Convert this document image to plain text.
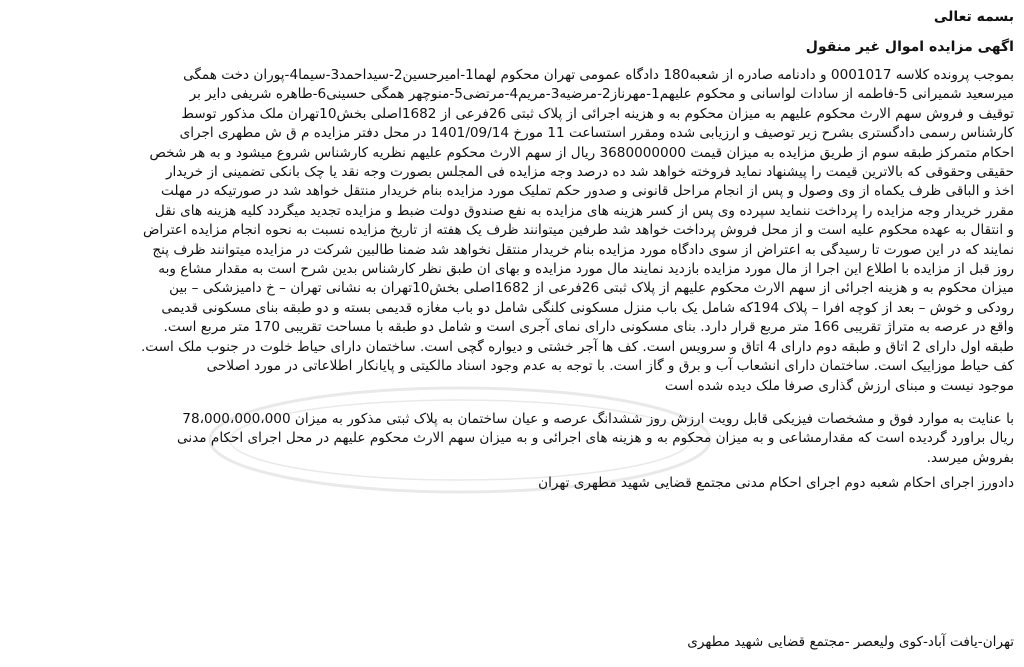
بسمه تعالی
اگهی مزایده اموال غیر منقول
بموجب پرونده کلاسه 0001017 و دادنامه صادره از شعبه180 دادگاه عمومی تهران محکوم لهما1-امیرحسین2-سیداحمد3-سیما4-پوران دخت همگی
میرسعید شمیرانی 5-فاطمه از سادات لواسانی و محکوم علیهم1-مهرناز2-مرضیه3-مریم4-مرتضی5-منوچهر همگی حسینی6-طاهره شریفی دایر بر
توقیف و فروش سهم الارث محکوم علیهم به میزان محکوم به و هزینه اجرائی از پلاک ثبتی 26فرعی از 1682اصلی بخش10تهران ملک مذکور توسط
کارشناس رسمی دادگستری بشرح زیر توصیف و ارزیابی شده ومقرر استساعت 11 مورخ 1401/09/14 در محل دفتر مزایده م ق ش مطهری اجرای
احکام متمرکز طبقه سوم از طریق مزایده به میزان قیمت 3680000000 ریال از سهم الارث محکوم علیهم نظریه کارشناس شروع میشود و به هر شخص
حقیقی وحقوقی که بالاترین قیمت را پیشنهاد نماید فروخته خواهد شد ده درصد وجه مزایده فی المجلس بصورت وجه نقد یا چک بانکی تضمینی از خریدار
اخذ و الباقی ظرف یکماه از وی وصول و پس از انجام مراحل قانونی و صدور حکم تملیک مورد مزایده بنام خریدار منتقل خواهد شد در صورتیکه در مهلت
مقرر خریدار وجه مزایده را پرداخت ننماید سپرده وی پس از کسر هزینه های مزایده به نفع صندوق دولت ضبط و مزایده تجدید میگردد کلیه هزینه های نقل
و انتقال به عهده محکوم علیه است و از محل فروش پرداخت خواهد شد طرفین میتوانند ظرف یک هفته از تاریخ مزایده نسبت به نحوه انجام مزایده اعتراض
نمایند که در این صورت تا رسیدگی به اعتراض از سوی دادگاه مورد مزایده بنام خریدار منتقل نخواهد شد ضمنا طالبین شرکت در مزایده میتوانند ظرف پنج
روز قبل از مزایده با اطلاع این اجرا از مال مورد مزایده بازدید نمایند مال مورد مزایده و بهای ان طبق نظر کارشناس بدین شرح است به مقدار مشاع وبه
میزان محکوم به و هزینه اجرائی از سهم الارث محکوم علیهم از پلاک ثبتی 26فرعی از 1682اصلی بخش10تهران به نشانی تهران – خ دامیزشکی – بین
رودکی و خوش – بعد از کوچه افرا – پلاک 194که شامل یک باب منزل مسکونی کلنگی شامل دو باب مغازه قدیمی بسته و دو طبقه بنای مسکونی قدیمی
واقع در عرصه به متراژ تقریبی 166 متر مربع قرار دارد. بنای مسکونی دارای نمای آجری است و شامل دو طبقه با مساحت تقریبی 170 متر مربع است.
طبقه اول دارای 2 اتاق و طبقه دوم دارای 4 اتاق و سرویس است. کف ها آجر خشتی و دیواره گچی است. ساختمان دارای حیاط خلوت در جنوب ملک است.
کف حیاط موزاییک است. ساختمان دارای انشعاب آب و برق و گاز است. با توجه به عدم وجود اسناد مالکیتی و پایانکار اطلاعاتی در مورد اصلاحی
موجود نیست و مبنای ارزش گذاری صرفا ملک دیده شده است
با عنایت به موارد فوق و مشخصات فیزیکی قابل رویت ارزش روز ششدانگ عرصه و عیان ساختمان به پلاک ثبتی مذکور به میزان 78،000،000،000
ریال براورد گردیده است که مقدارمشاعی و به میزان محکوم به و هزینه های اجرائی و به میزان سهم الارث محکوم علیهم در محل اجرای احکام مدنی
بفروش میرسد.
دادورز اجرای احکام شعبه دوم اجرای احکام مدنی مجتمع قضایی شهید مطهری تهران
تهران-یافت آباد-کوی ولیعصر -مجتمع قضایی شهید مطهری
